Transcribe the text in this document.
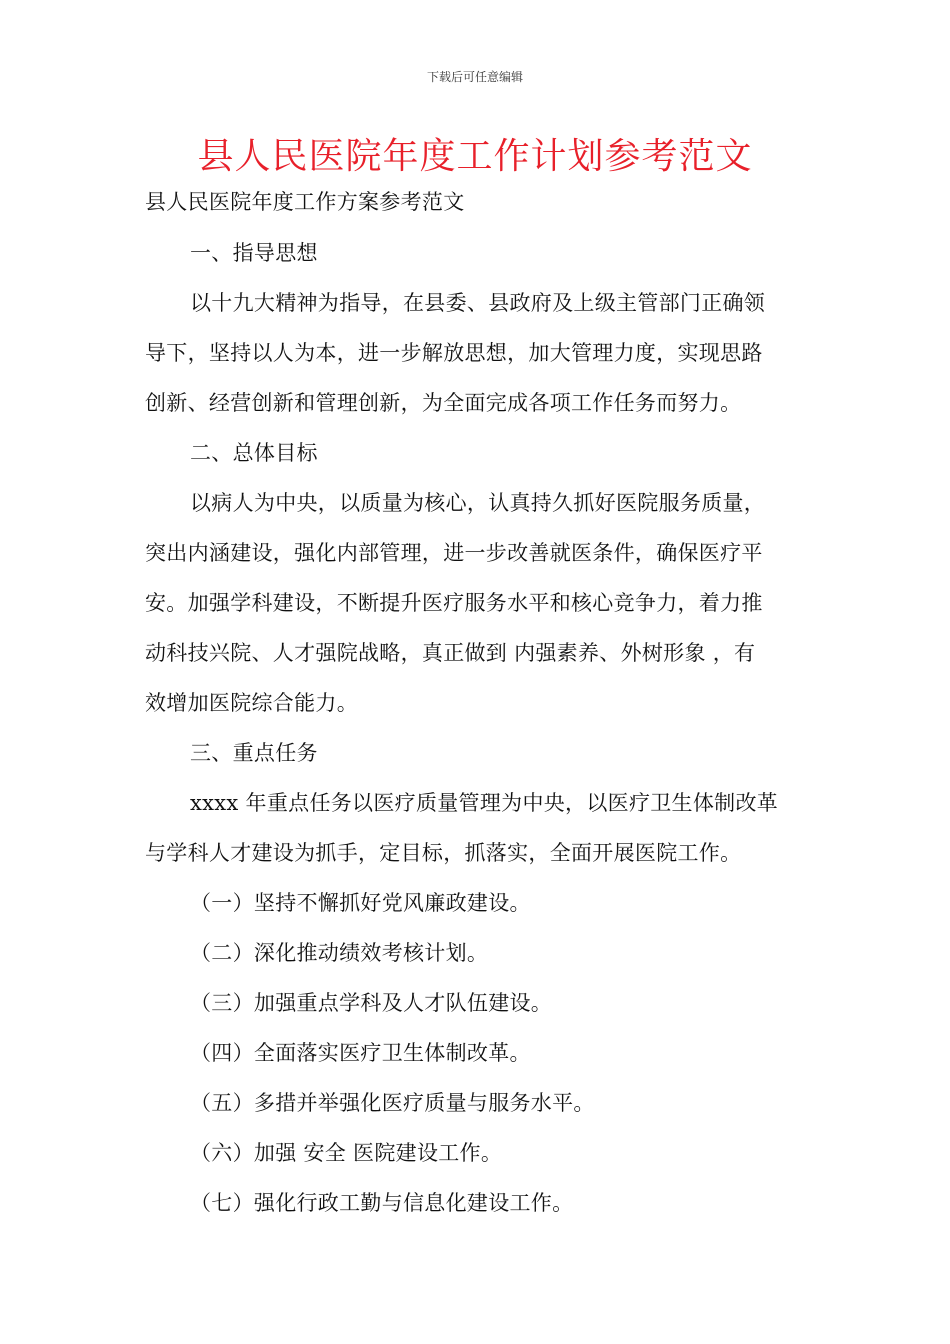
下载后可任意编辑
县人民医院年度工作计划参考范文
县人民医院年度工作方案参考范文
一、指导思想
以十九大精神为指导，在县委、县政府及上级主管部门正确领
导下，坚持以人为本，进一步解放思想，加大管理力度，实现思路
创新、经营创新和管理创新，为全面完成各项工作任务而努力。
二、总体目标
以病人为中央，以质量为核心，认真持久抓好医院服务质量，
突出内涵建设，强化内部管理，进一步改善就医条件，确保医疗平
安。加强学科建设，不断提升医疗服务水平和核心竞争力，着力推
动科技兴院、人才强院战略，真正做到 内强素养、外树形象 ，有
效增加医院综合能力。
三、重点任务
xxxx 年重点任务以医疗质量管理为中央，以医疗卫生体制改革
与学科人才建设为抓手，定目标，抓落实，全面开展医院工作。
（一）坚持不懈抓好党风廉政建设。
（二）深化推动绩效考核计划。
（三）加强重点学科及人才队伍建设。
（四）全面落实医疗卫生体制改革。
（五）多措并举强化医疗质量与服务水平。
（六）加强 安全 医院建设工作。
（七）强化行政工勤与信息化建设工作。
